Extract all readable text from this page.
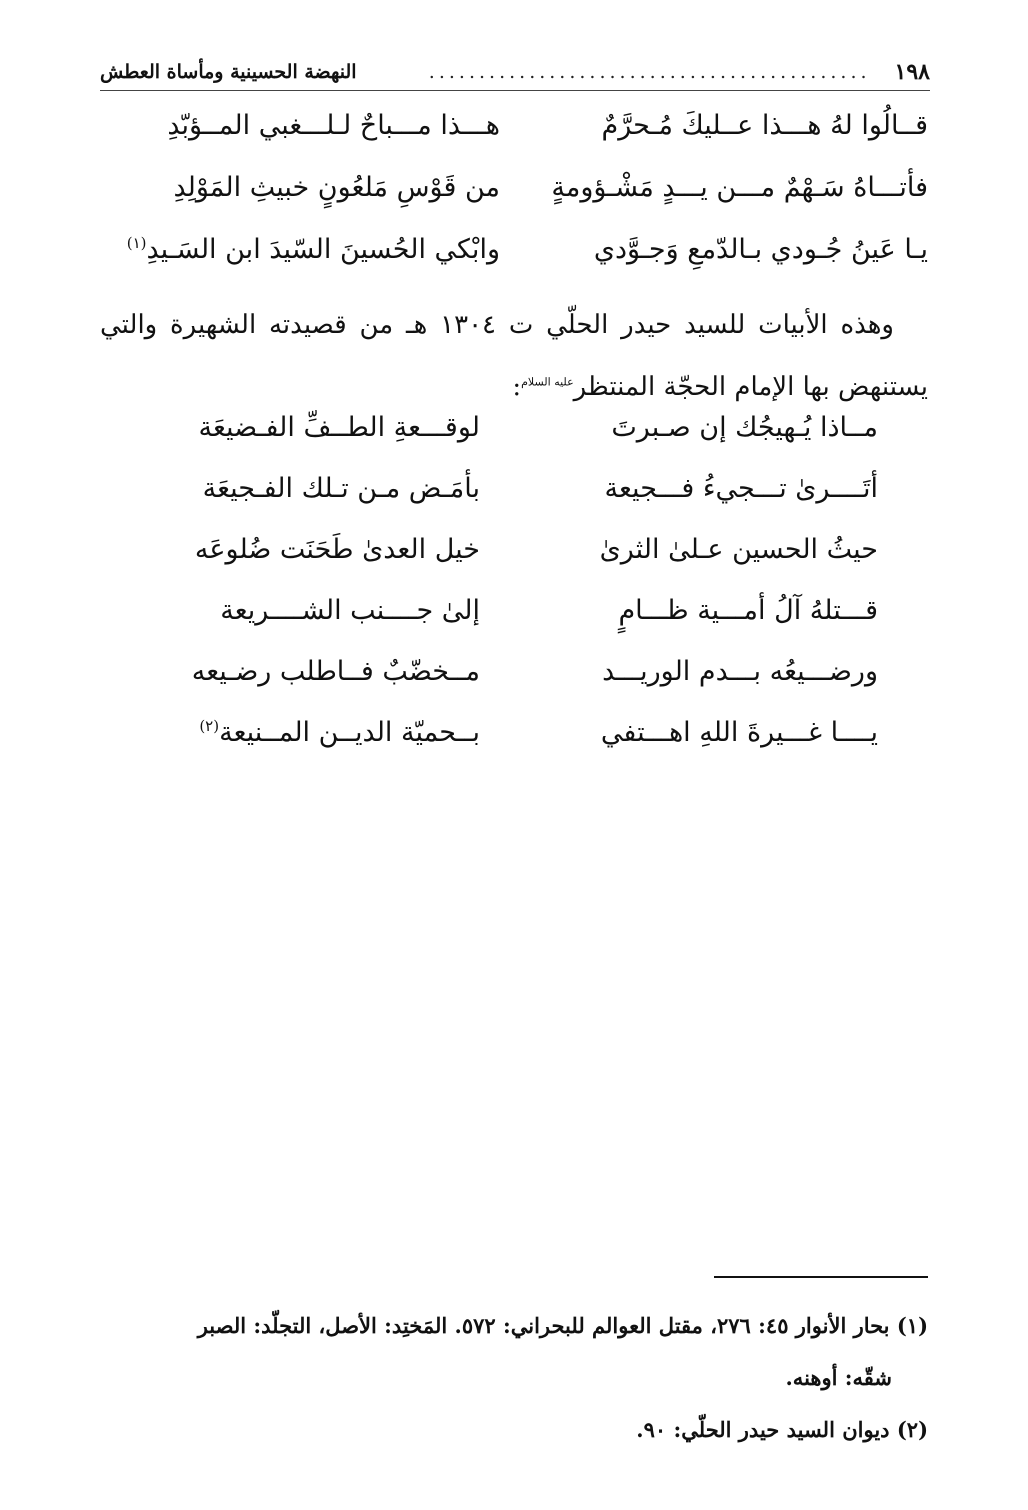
١٩٨
............................................
النهضة الحسينية ومأساة العطش
قــالُوا لهُ هـــذا عــليكَ مُـحرَّمٌ
هـــذا مـــباحٌ لـلـــغبي المــؤبّدِ
فأتـــاهُ سَـهْمٌ مـــن يـــدٍ مَشْـؤومةٍ
من قَوْسِ مَلعُونٍ خبيثِ المَوْلِدِ
يـا عَينُ جُـودي بـالدّمعِ وَجـوَّدي
وابْكي الحُسينَ السّيدَ ابن السَـيدِ$^{(١)}$
وهذه الأبيات للسيد حيدر الحلّي ت ١٣٠٤ هـ من قصيدته الشهيرة والتي يستنهض بها الإمام الحجّة المنتظر$^{عليه السلام}$:
مــاذا يُـهيجُك إن صـبرتَ
لوقـــعةِ الطــفِّ الفـضيعَة
أتَــــرىٰ تـــجيءُ فـــجيعة
بأمَـض مـن تـلك الفـجيعَة
حيثُ الحسين عـلىٰ الثرىٰ
خيل العدىٰ طَحَنَت ضُلوعَه
قـــتلهُ آلُ أمـــية ظـــامٍ
إلىٰ جــــنب الشــــريعة
ورضـــيعُه بـــدم الوريـــد
مــخضّبٌ فــاطلب رضـيعه
يــــا غـــيرةَ اللهِ اهـــتفي
بــحميّة الديــن المــنيعة$^{(٢)}$
(١) بحار الأنوار ٤٥: ٢٧٦، مقتل العوالم للبحراني: ٥٧٢. المَختِد: الأصل، التجلّد: الصبر
شقّه: أوهنه.
(٢) ديوان السيد حيدر الحلّي: ٩٠.
